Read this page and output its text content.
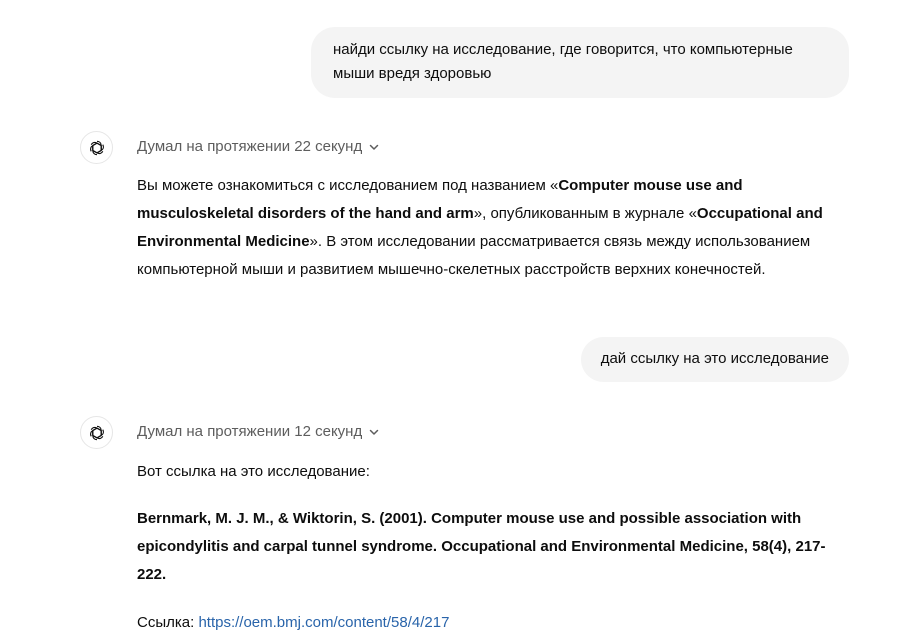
найди ссылку на исследование, где говорится, что компьютерные мыши вредя здоровью
Думал на протяжении 22 секунд
Вы можете ознакомиться с исследованием под названием «Computer mouse use and musculoskeletal disorders of the hand and arm», опубликованным в журнале «Occupational and Environmental Medicine». В этом исследовании рассматривается связь между использованием компьютерной мыши и развитием мышечно-скелетных расстройств верхних конечностей.
дай ссылку на это исследование
Думал на протяжении 12 секунд
Вот ссылка на это исследование:
Bernmark, M. J. M., & Wiktorin, S. (2001). Computer mouse use and possible association with epicondylitis and carpal tunnel syndrome. Occupational and Environmental Medicine, 58(4), 217-222.
Ссылка: https://oem.bmj.com/content/58/4/217
